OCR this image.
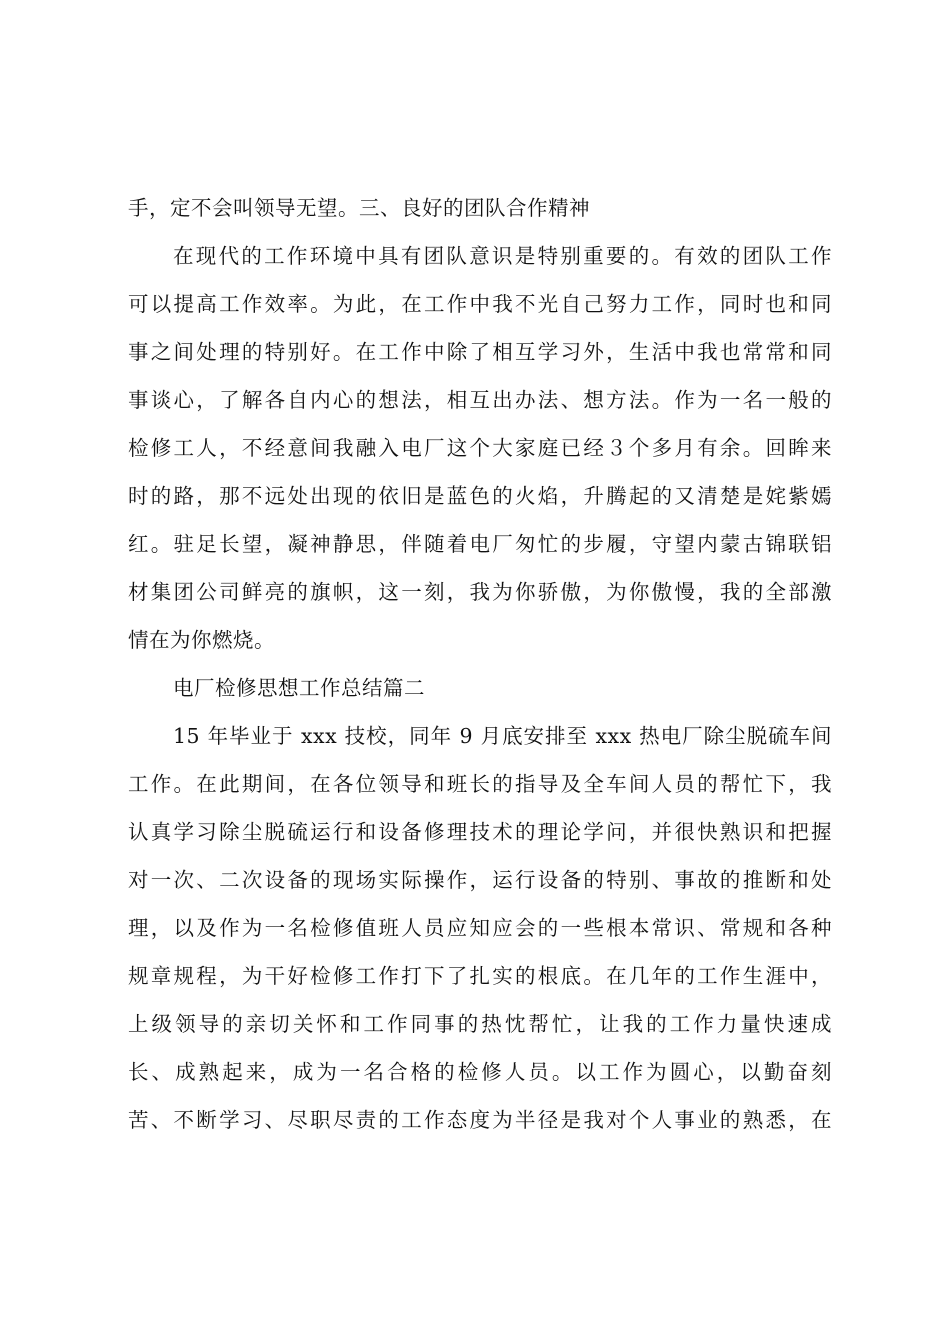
手，定不会叫领导无望。三、良好的团队合作精神
在现代的工作环境中具有团队意识是特别重要的。有效的团队工作
可以提高工作效率。为此，在工作中我不光自己努力工作，同时也和同
事之间处理的特别好。在工作中除了相互学习外，生活中我也常常和同
事谈心，了解各自内心的想法，相互出办法、想方法。作为一名一般的
检修工人，不经意间我融入电厂这个大家庭已经３个多月有余。回眸来
时的路，那不远处出现的依旧是蓝色的火焰，升腾起的又清楚是姹紫嫣
红。驻足长望，凝神静思，伴随着电厂匆忙的步履，守望内蒙古锦联铝
材集团公司鲜亮的旗帜，这一刻，我为你骄傲，为你傲慢，我的全部激
情在为你燃烧。
电厂检修思想工作总结篇二
15 年毕业于 xxx 技校，同年 9 月底安排至 xxx 热电厂除尘脱硫车间
工作。在此期间，在各位领导和班长的指导及全车间人员的帮忙下，我
认真学习除尘脱硫运行和设备修理技术的理论学问，并很快熟识和把握
对一次、二次设备的现场实际操作，运行设备的特别、事故的推断和处
理，以及作为一名检修值班人员应知应会的一些根本常识、常规和各种
规章规程，为干好检修工作打下了扎实的根底。在几年的工作生涯中，
上级领导的亲切关怀和工作同事的热忱帮忙，让我的工作力量快速成
长、成熟起来，成为一名合格的检修人员。以工作为圆心，以勤奋刻
苦、不断学习、尽职尽责的工作态度为半径是我对个人事业的熟悉，在
